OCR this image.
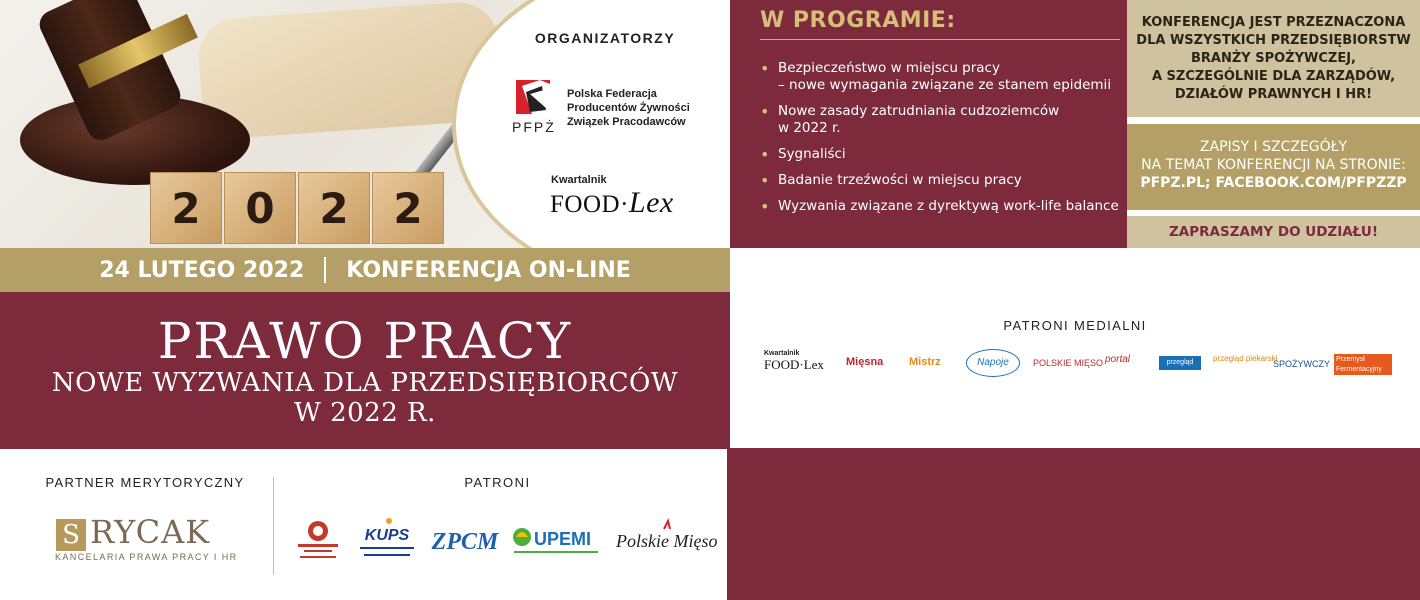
2	0	2	2
ORGANIZATORZY
PFPŻ
Polska Federacja
Producentów Żywności
Związek Pracodawców
Kwartalnik
FOOD·Lex
24 LUTEGO 2022 KONFERENCJA ON-LINE
PRAWO PRACY
NOWE WYZWANIA DLA PRZEDSIĘBIORCÓW
W 2022 R.
PARTNER MERYTORYCZNY
S RYCAK
KANCELARIA PRAWA PRACY I HR
PATRONI
KUPS ZPCM UPEMI Polskie Mięso
W PROGRAMIE:
• Bezpieczeństwo w miejscu pracy
– nowe wymagania związane ze stanem epidemii
• Nowe zasady zatrudniania cudzoziemców
w 2022 r.
• Sygnaliści
• Badanie trzeźwości w miejscu pracy
• Wyzwania związane z dyrektywą work-life balance
KONFERENCJA JEST PRZEZNACZONA
DLA WSZYSTKICH PRZEDSIĘBIORSTW
BRANŻY SPOŻYWCZEJ,
A SZCZEGÓLNIE DLA ZARZĄDÓW,
DZIAŁÓW PRAWNYCH I HR!
ZAPISY I SZCZEGÓŁY
NA TEMAT KONFERENCJI NA STRONIE:
PFPZ.PL; FACEBOOK.COM/PFPZZP
ZAPRASZAMY DO UDZIAŁU!
PATRONI MEDIALNI
Kwartalnik
FOOD·Lex Mięsna Mistrz	Napoje	POLSKIE MIĘSO portal	przegląd mleczarski
przegląd piekarski
SPOŻYWCZY Przemysł Fermentacyjny
